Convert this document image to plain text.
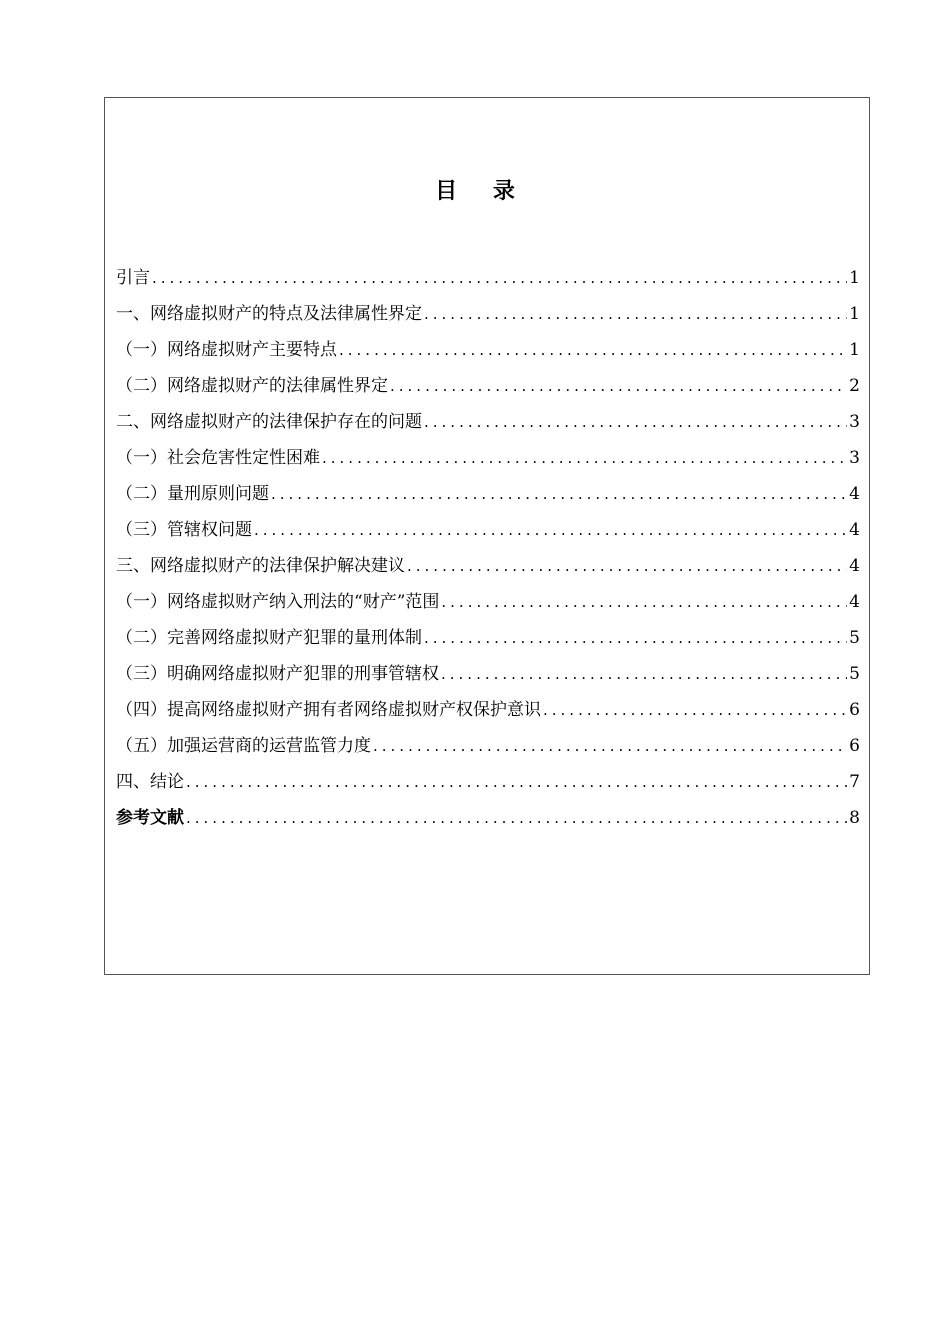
目 录
引言 .....	1
一、网络虚拟财产的特点及法律属性界定 .....	1
（一）网络虚拟财产主要特点 .....	1
（二）网络虚拟财产的法律属性界定 .....	2
二、网络虚拟财产的法律保护存在的问题 .....	3
（一）社会危害性定性困难 .....	3
（二）量刑原则问题 .....	4
（三）管辖权问题 .....	4
三、网络虚拟财产的法律保护解决建议 .....	4
（一）网络虚拟财产纳入刑法的“财产”范围 .....	4
（二）完善网络虚拟财产犯罪的量刑体制 .....	5
（三）明确网络虚拟财产犯罪的刑事管辖权 .....	5
（四）提高网络虚拟财产拥有者网络虚拟财产权保护意识 .....	6
（五）加强运营商的运营监管力度 .....	6
四、结论 .....	7
参考文献 .....	8
